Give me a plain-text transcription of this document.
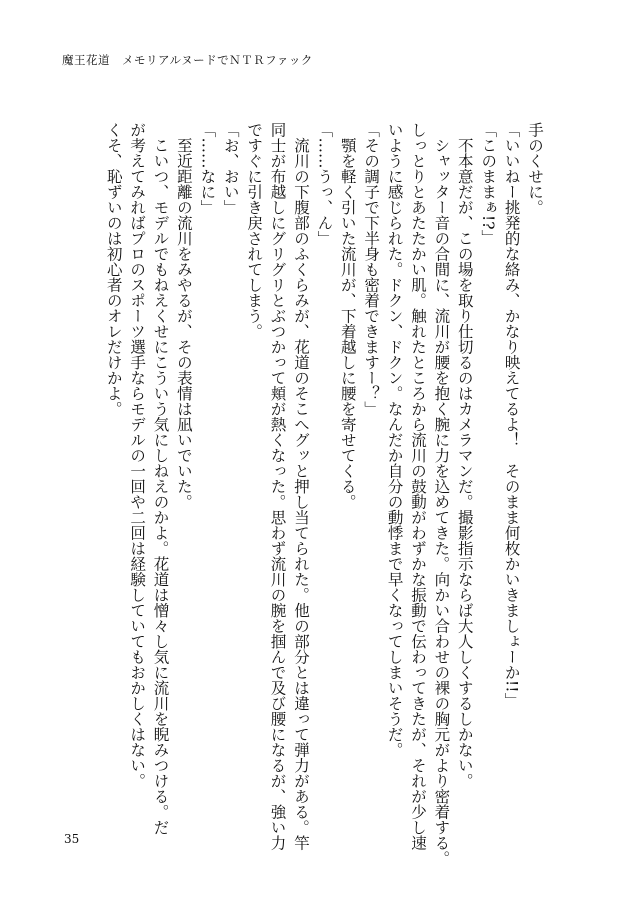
魔王花道　メモリアルヌードでＮＴＲファック

手のくせに。

「いいねー挑発的な絡み、かなり映えてるよ！　そのまま何枚かいきましょーか!!」

「このままぁ!?」

　不本意だが、この場を取り仕切るのはカメラマンだ。撮影指示ならば大人しくするしかない。

　シャッター音の合間に、流川が腰を抱く腕に力を込めてきた。向かい合わせの裸の胸元がより密着する。

しっとりとあたたかい肌。触れたところから流川の鼓動がわずかな振動で伝わってきたが、それが少し速

いように感じられた。ドクン、ドクン。なんだか自分の動悸まで早くなってしまいそうだ。

「その調子で下半身も密着できますー？」

　顎を軽く引いた流川が、下着越しに腰を寄せてくる。

「……うっ、ん」

　流川の下腹部のふくらみが、花道のそこへグッと押し当てられた。他の部分とは違って弾力がある。竿

同士が布越しにグリグリとぶつかって頬が熱くなった。思わず流川の腕を掴んで及び腰になるが、強い力

ですぐに引き戻されてしまう。

「お、おい」

「……なに」

　至近距離の流川をみやるが、その表情は凪いでいた。

　こいつ、モデルでもねえくせにこういう気にしねえのかよ。花道は憎々し気に流川を睨みつける。だ

が考えてみればプロのスポーツ選手ならモデルの一回や二回は経験していてもおかしくはない。

くそ、恥ずいのは初心者のオレだけかよ。

35
